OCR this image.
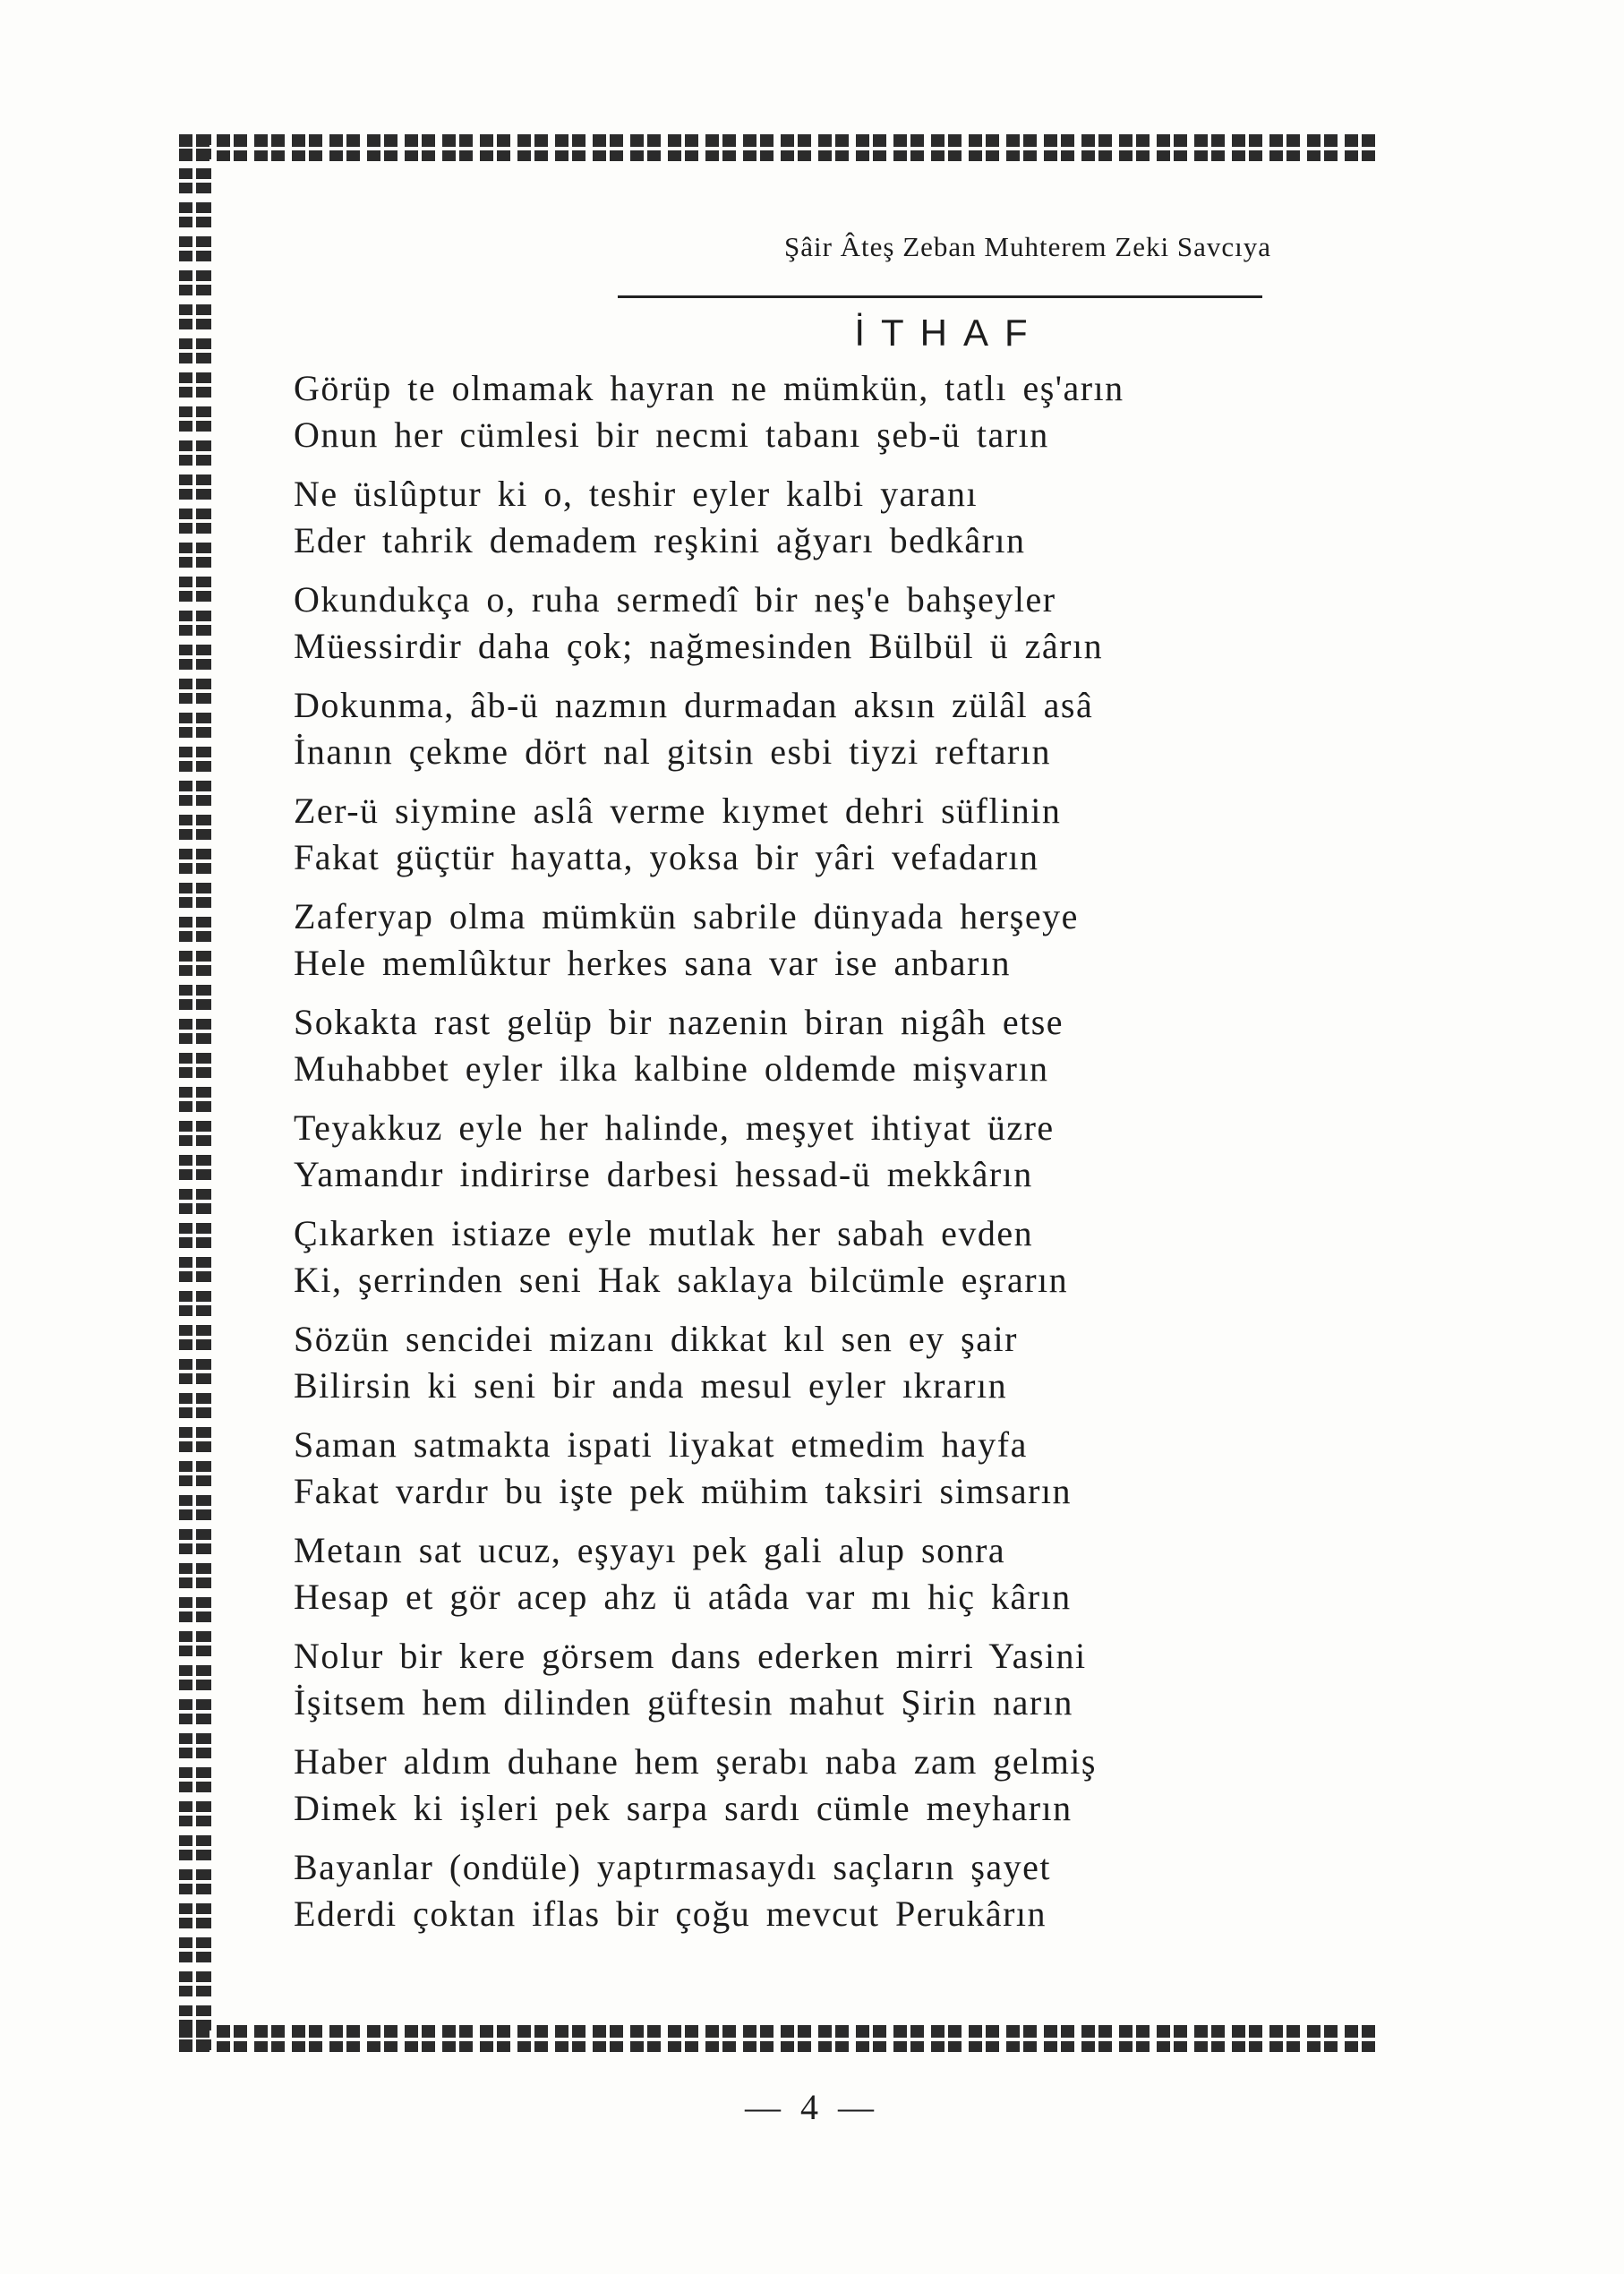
Şâir Âteş Zeban Muhterem Zeki Savcıya
İTHAF
Görüp te olmamak hayran ne mümkün, tatlı eş'arın
Onun her cümlesi bir necmi tabanı şeb-ü tarın
Ne üslûptur ki o, teshir eyler kalbi yaranı
Eder tahrik demadem reşkini ağyarı bedkârın
Okundukça o, ruha sermedî bir neş'e bahşeyler
Müessirdir daha çok; nağmesinden Bülbül ü zârın
Dokunma, âb-ü nazmın durmadan aksın zülâl asâ
İnanın çekme dört nal gitsin esbi tiyzi reftarın
Zer-ü siymine aslâ verme kıymet dehri süflinin
Fakat güçtür hayatta, yoksa bir yâri vefadarın
Zaferyap olma mümkün sabrile dünyada herşeye
Hele memlûktur herkes sana var ise anbarın
Sokakta rast gelüp bir nazenin biran nigâh etse
Muhabbet eyler ilka kalbine oldemde mişvarın
Teyakkuz eyle her halinde, meşyet ihtiyat üzre
Yamandır indirirse darbesi hessad-ü mekkârın
Çıkarken istiaze eyle mutlak her sabah evden
Ki, şerrinden seni Hak saklaya bilcümle eşrarın
Sözün sencidei mizanı dikkat kıl sen ey şair
Bilirsin ki seni bir anda mesul eyler ıkrarın
Saman satmakta ispati liyakat etmedim hayfa
Fakat vardır bu işte pek mühim taksiri simsarın
Metaın sat ucuz, eşyayı pek gali alup sonra
Hesap et gör acep ahz ü atâda var mı hiç kârın
Nolur bir kere görsem dans ederken mirri Yasini
İşitsem hem dilinden güftesin mahut Şirin narın
Haber aldım duhane hem şerabı naba zam gelmiş
Dimek ki işleri pek sarpa sardı cümle meyharın
Bayanlar (ondüle) yaptırmasaydı saçların şayet
Ederdi çoktan iflas bir çoğu mevcut Perukârın
— 4 —
